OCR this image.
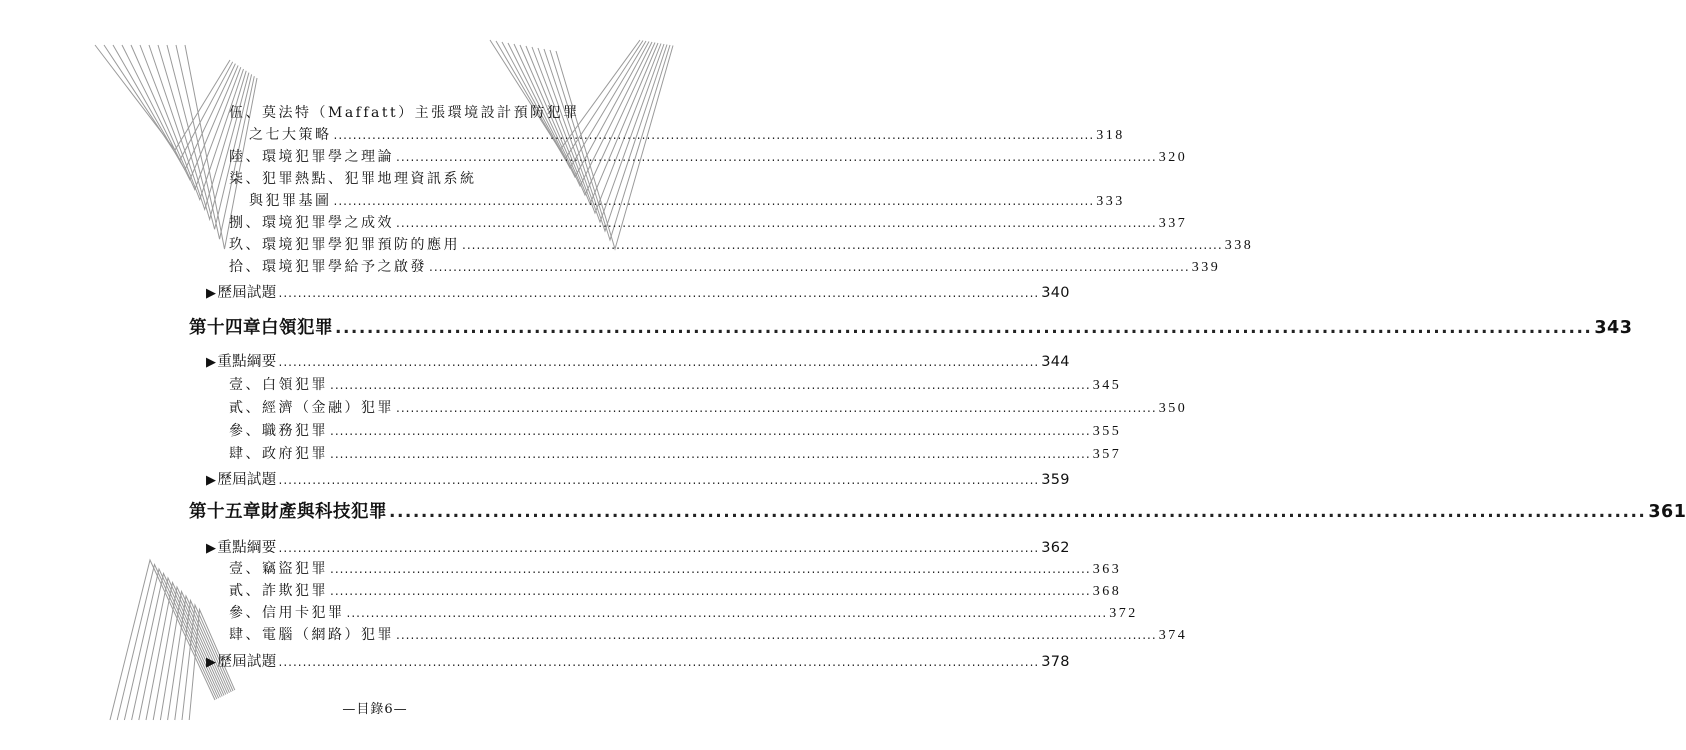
伍、莫法特（Maffatt）主張環境設計預防犯罪
之七大策略 .............................................................................................................................................................. 318
陸、環境犯罪學之理論 .............................................................................................................................................................. 320
柒、犯罪熱點、犯罪地理資訊系統
與犯罪基圖 .............................................................................................................................................................. 333
捌、環境犯罪學之成效 .............................................................................................................................................................. 337
玖、環境犯罪學犯罪預防的應用 .............................................................................................................................................................. 338
拾、環境犯罪學給予之啟發 .............................................................................................................................................................. 339
▶ 歷屆試題 .............................................................................................................................................................. 340
第十四章 白領犯罪 .............................................................................................................................................................. 343
▶ 重點綱要 .............................................................................................................................................................. 344
壹、白領犯罪 .............................................................................................................................................................. 345
貳、經濟（金融）犯罪 .............................................................................................................................................................. 350
參、職務犯罪 .............................................................................................................................................................. 355
肆、政府犯罪 .............................................................................................................................................................. 357
▶ 歷屆試題 .............................................................................................................................................................. 359
第十五章 財產與科技犯罪 .............................................................................................................................................................. 361
▶ 重點綱要 .............................................................................................................................................................. 362
壹、竊盜犯罪 .............................................................................................................................................................. 363
貳、詐欺犯罪 .............................................................................................................................................................. 368
參、信用卡犯罪 .............................................................................................................................................................. 372
肆、電腦（網路）犯罪 .............................................................................................................................................................. 374
▶ 歷屆試題 .............................................................................................................................................................. 378
—目錄6—
